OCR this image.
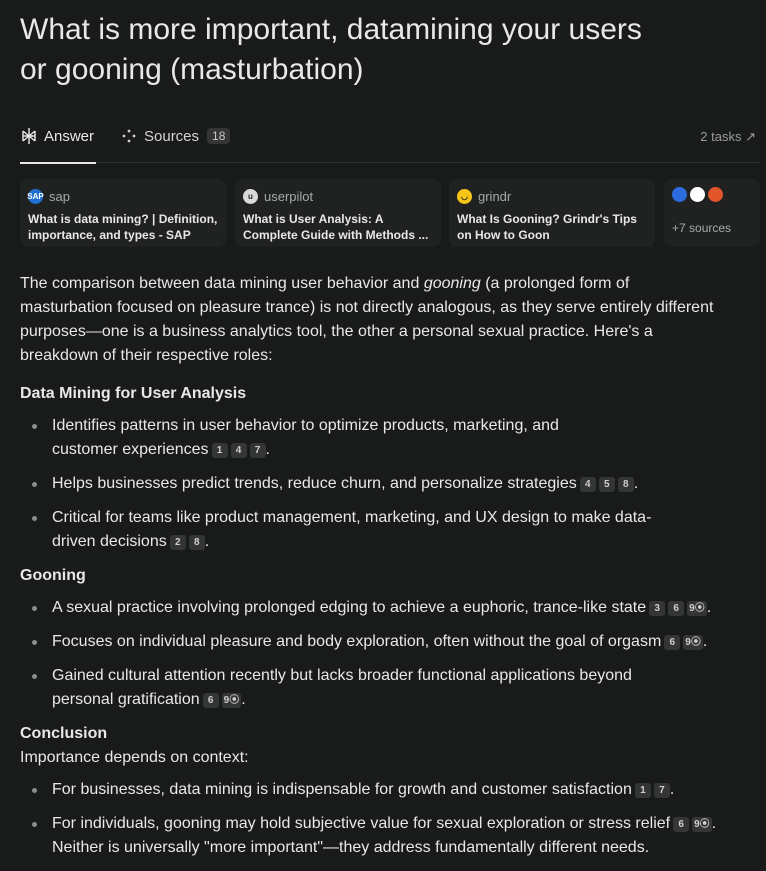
What is more important, datamining your users
or gooning (masturbation)
Answer	Sources	18	2 tasks ↗
SAP sap
What is data mining? | Definition,
importance, and types - SAP
u userpilot
What is User Analysis: A
Complete Guide with Methods ...
◡ grindr
What Is Gooning? Grindr's Tips
on How to Goon	+7 sources

The comparison between data mining user behavior and gooning (a prolonged form of
masturbation focused on pleasure trance) is not directly analogous, as they serve entirely different
purposes—one is a business analytics tool, the other a personal sexual practice. Here's a
breakdown of their respective roles:

Data Mining for User Analysis
Identifies patterns in user behavior to optimize products, marketing, and
customer experiences 1 4 7 .
Helps businesses predict trends, reduce churn, and personalize strategies 4 5 8 .
Critical for teams like product management, marketing, and UX design to make data-
driven decisions 2 8 .
Gooning
A sexual practice involving prolonged edging to achieve a euphoric, trance-like state 3 6 9⦿ .
Focuses on individual pleasure and body exploration, often without the goal of orgasm 6 9⦿ .
Gained cultural attention recently but lacks broader functional applications beyond
personal gratification 6 9⦿ .
Conclusion

Importance depends on context:

For businesses, data mining is indispensable for growth and customer satisfaction 1 7 .
For individuals, gooning may hold subjective value for sexual exploration or stress relief 6 9⦿ .
Neither is universally "more important"—they address fundamentally different needs.
